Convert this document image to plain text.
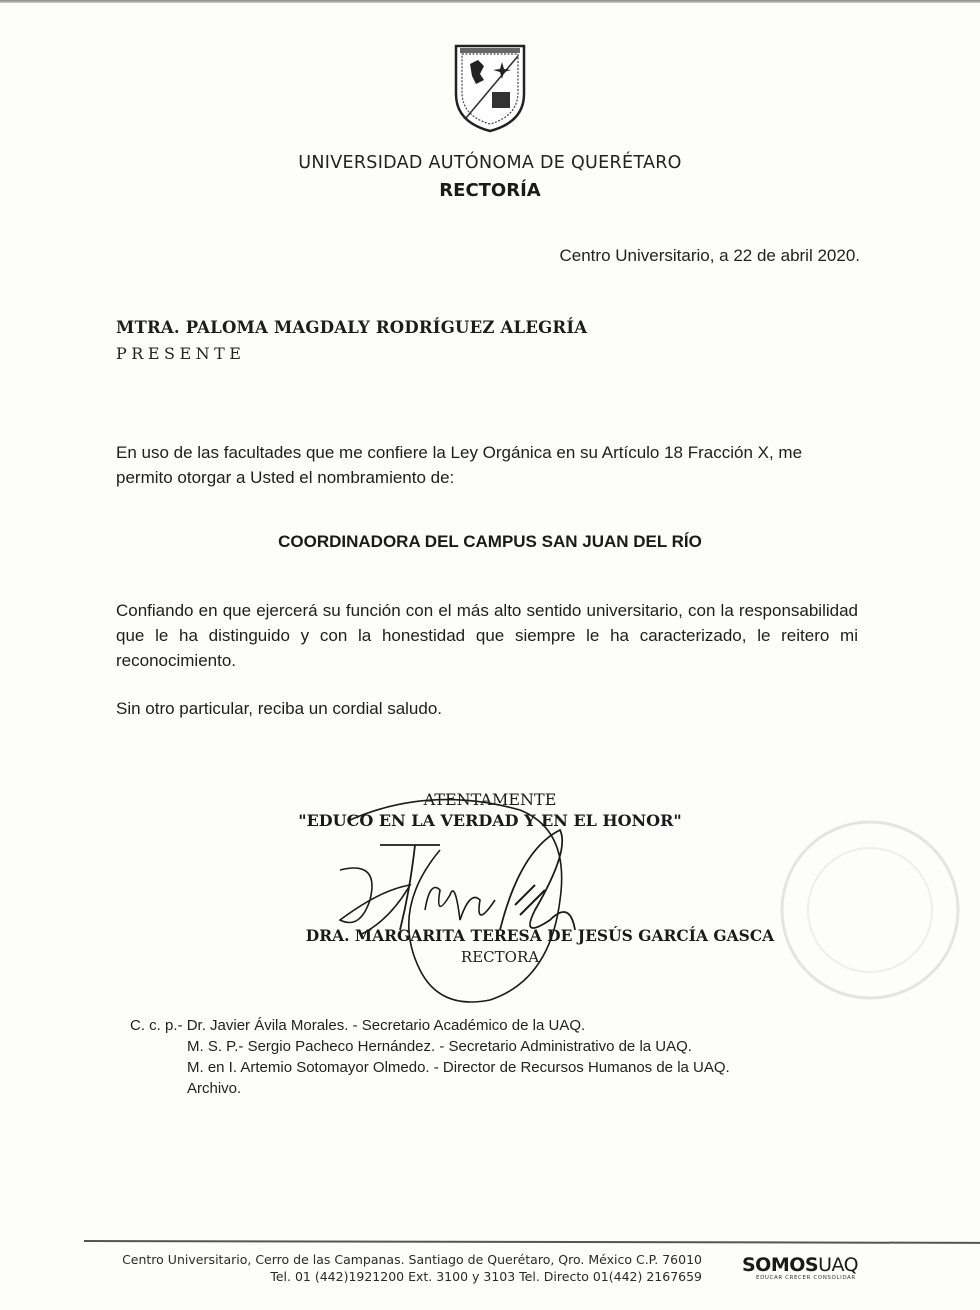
UNIVERSIDAD AUTÓNOMA DE QUERÉTARO
RECTORÍA
Centro Universitario, a 22 de abril 2020.
MTRA. PALOMA MAGDALY RODRÍGUEZ ALEGRÍA
PRESENTE
En uso de las facultades que me confiere la Ley Orgánica en su Artículo 18 Fracción X, me permito otorgar a Usted el nombramiento de:
COORDINADORA DEL CAMPUS SAN JUAN DEL RÍO
Confiando en que ejercerá su función con el más alto sentido universitario, con la responsabilidad que le ha distinguido y con la honestidad que siempre le ha caracterizado, le reitero mi reconocimiento.
Sin otro particular, reciba un cordial saludo.
ATENTAMENTE
"EDUCO EN LA VERDAD Y EN EL HONOR"
DRA. MARGARITA TERESA DE JESÚS GARCÍA GASCA
RECTORA
C. c. p.- Dr. Javier Ávila Morales. - Secretario Académico de la UAQ.
M. S. P.- Sergio Pacheco Hernández. - Secretario Administrativo de la UAQ.
M. en I. Artemio Sotomayor Olmedo. - Director de Recursos Humanos de la UAQ.
Archivo.
Centro Universitario, Cerro de las Campanas. Santiago de Querétaro, Qro. México C.P. 76010
Tel. 01 (442)1921200 Ext. 3100 y 3103 Tel. Directo 01(442) 2167659
SOMOSUAQ
EDUCAR CRECER CONSOLIDAR
